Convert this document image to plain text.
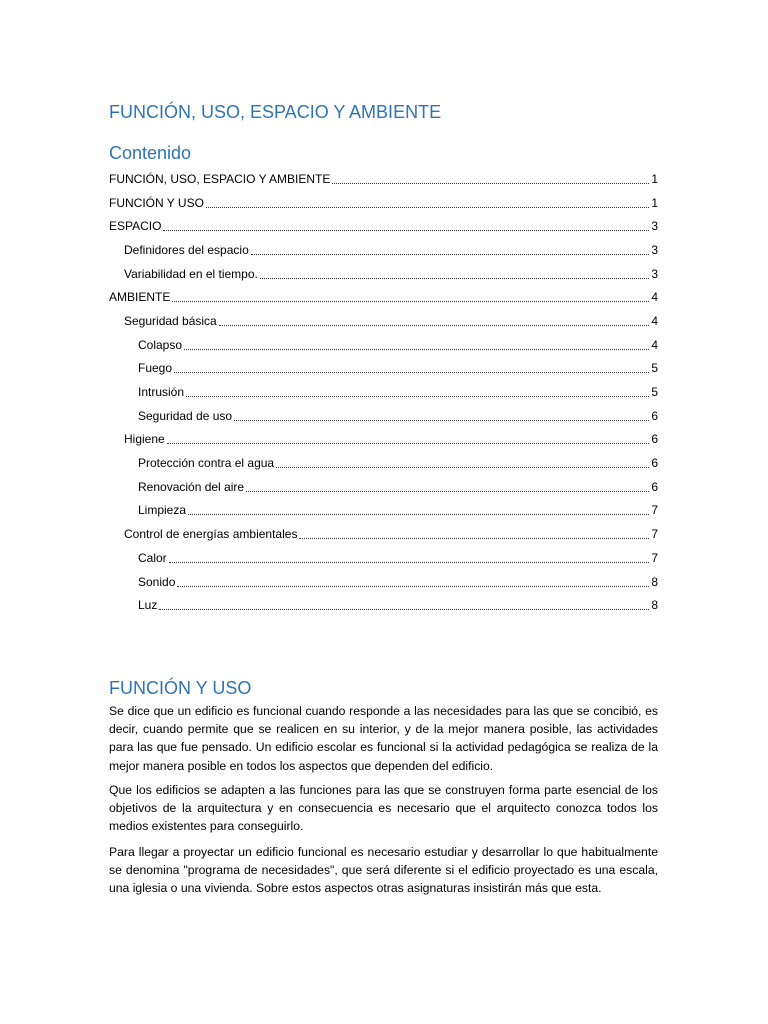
FUNCIÓN, USO, ESPACIO Y AMBIENTE
Contenido
FUNCIÓN, USO, ESPACIO Y AMBIENTE	1
FUNCIÓN Y USO	1
ESPACIO	3
Definidores del espacio	3
Variabilidad en el tiempo.	3
AMBIENTE	4
Seguridad básica	4
Colapso	4
Fuego	5
Intrusión	5
Seguridad de uso	6
Higiene	6
Protección contra el agua	6
Renovación del aire	6
Limpieza	7
Control de energías ambientales	7
Calor	7
Sonido	8
Luz	8
FUNCIÓN Y USO

Se dice que un edificio es funcional cuando responde a las necesidades para las que se concibió, es decir, cuando permite que se realicen en su interior, y de la mejor manera posible, las actividades para las que fue pensado. Un edificio escolar es funcional si la actividad pedagógica se realiza de la mejor manera posible en todos los aspectos que dependen del edificio.

Que los edificios se adapten a las funciones para las que se construyen forma parte esencial de los objetivos de la arquitectura y en consecuencia es necesario que el arquitecto conozca todos los medios existentes para conseguirlo.

Para llegar a proyectar un edificio funcional es necesario estudiar y desarrollar lo que habitualmente se denomina "programa de necesidades", que será diferente si el edificio proyectado es una escala, una iglesia o una vivienda. Sobre estos aspectos otras asignaturas insistirán más que esta.
